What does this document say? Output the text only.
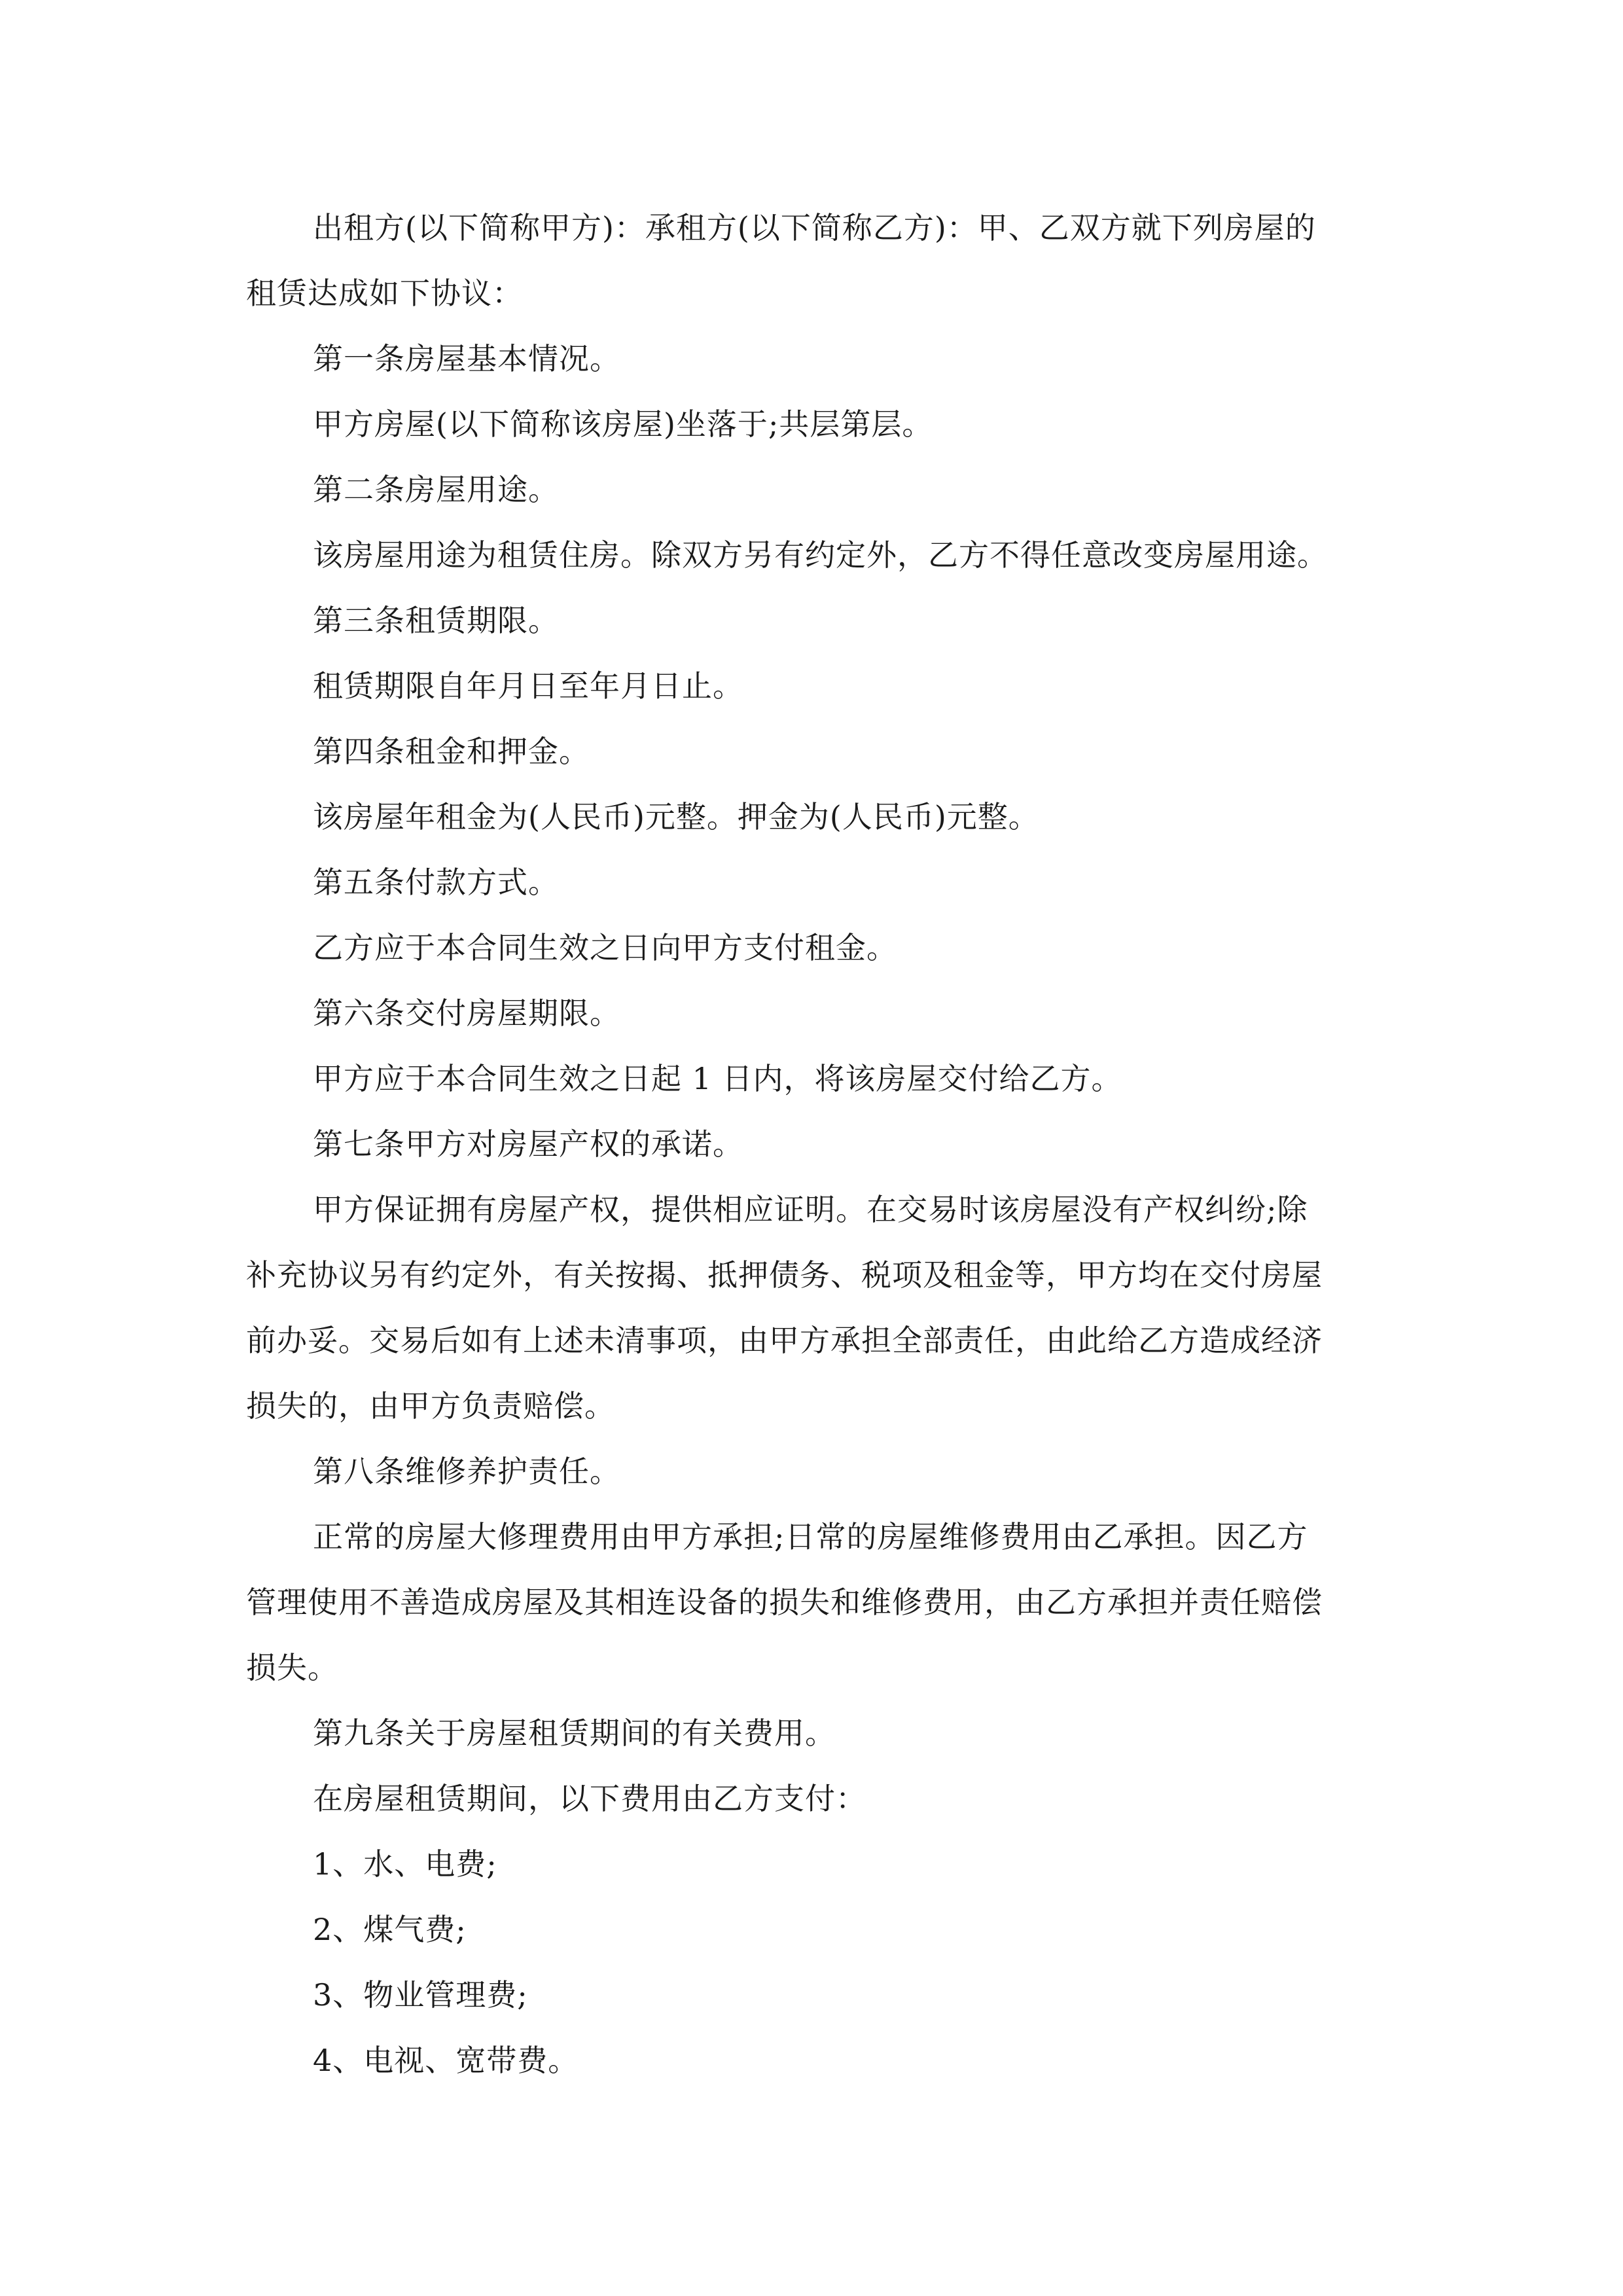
出租方(以下简称甲方)：承租方(以下简称乙方)：甲、乙双方就下列房屋的
租赁达成如下协议：
第一条房屋基本情况。
甲方房屋(以下简称该房屋)坐落于;共层第层。
第二条房屋用途。
该房屋用途为租赁住房。除双方另有约定外，乙方不得任意改变房屋用途。
第三条租赁期限。
租赁期限自年月日至年月日止。
第四条租金和押金。
该房屋年租金为(人民币)元整。押金为(人民币)元整。
第五条付款方式。
乙方应于本合同生效之日向甲方支付租金。
第六条交付房屋期限。
甲方应于本合同生效之日起 1 日内，将该房屋交付给乙方。
第七条甲方对房屋产权的承诺。
甲方保证拥有房屋产权，提供相应证明。在交易时该房屋没有产权纠纷;除
补充协议另有约定外，有关按揭、抵押债务、税项及租金等，甲方均在交付房屋
前办妥。交易后如有上述未清事项，由甲方承担全部责任，由此给乙方造成经济
损失的，由甲方负责赔偿。
第八条维修养护责任。
正常的房屋大修理费用由甲方承担;日常的房屋维修费用由乙承担。因乙方
管理使用不善造成房屋及其相连设备的损失和维修费用，由乙方承担并责任赔偿
损失。
第九条关于房屋租赁期间的有关费用。
在房屋租赁期间，以下费用由乙方支付：
1、水、电费;
2、煤气费;
3、物业管理费;
4、电视、宽带费。
